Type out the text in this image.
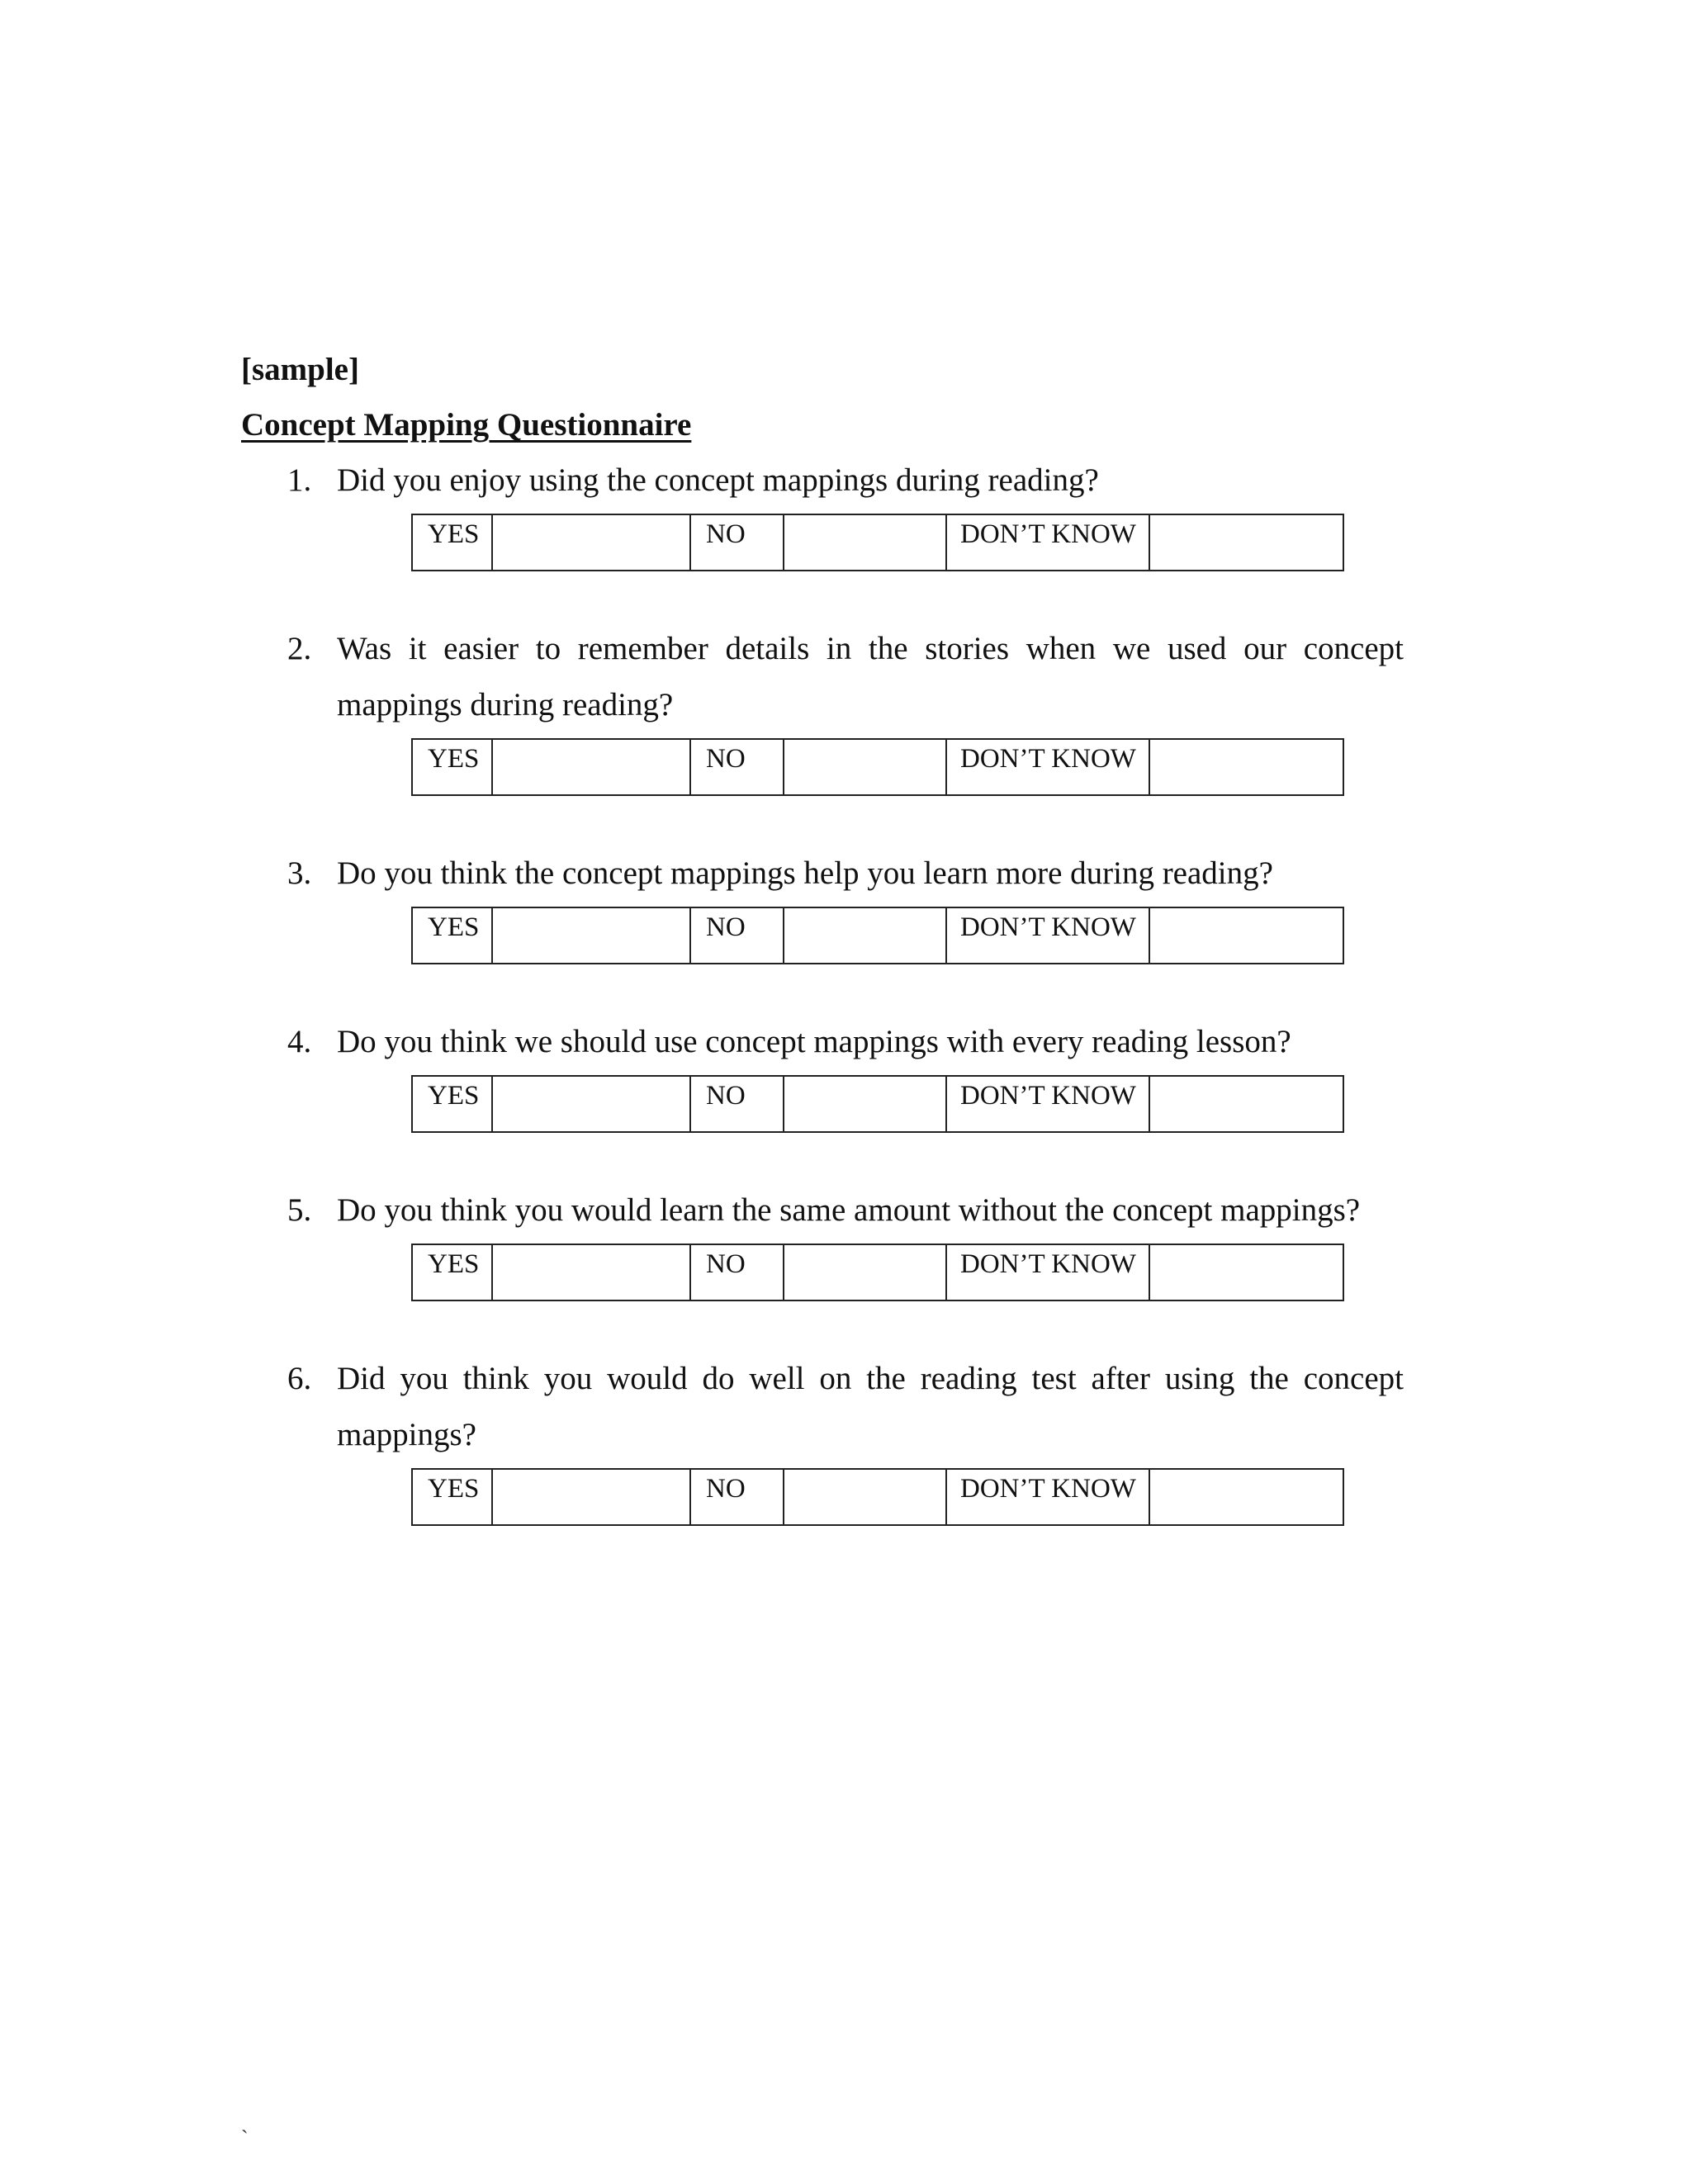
[sample]
Concept Mapping Questionnaire
1. Did you enjoy using the concept mappings during reading?
YES		NO		DON’T KNOW	
2. Was it easier to remember details in the stories when we used our concept mappings during reading?
YES		NO		DON’T KNOW	
3. Do you think the concept mappings help you learn more during reading?
YES		NO		DON’T KNOW	
4. Do you think we should use concept mappings with every reading lesson?
YES		NO		DON’T KNOW	
5. Do you think you would learn the same amount without the concept mappings?
YES		NO		DON’T KNOW	
6. Did you think you would do well on the reading test after using the concept mappings?
YES		NO		DON’T KNOW	
`
